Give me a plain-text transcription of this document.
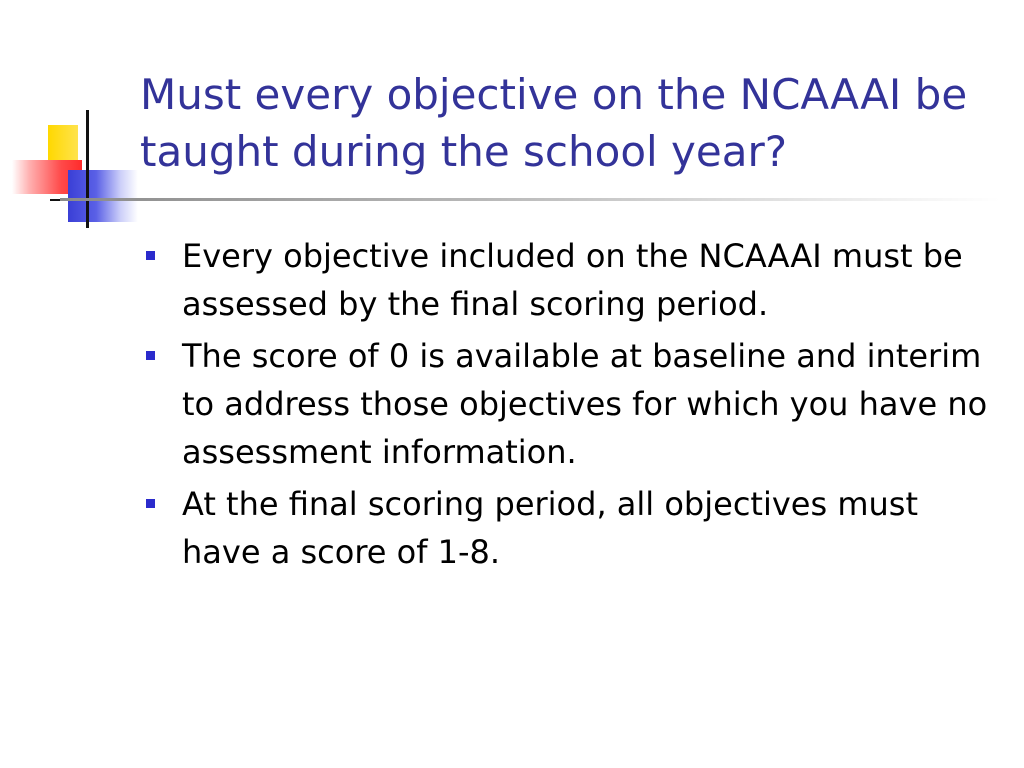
Must every objective on the NCAAAI be taught during the school year?
Every objective included on the NCAAAI must be assessed by the final scoring period.
The score of 0 is available at baseline and interim to address those objectives for which you have no assessment information.
At the final scoring period, all objectives must have a score of 1-8.
